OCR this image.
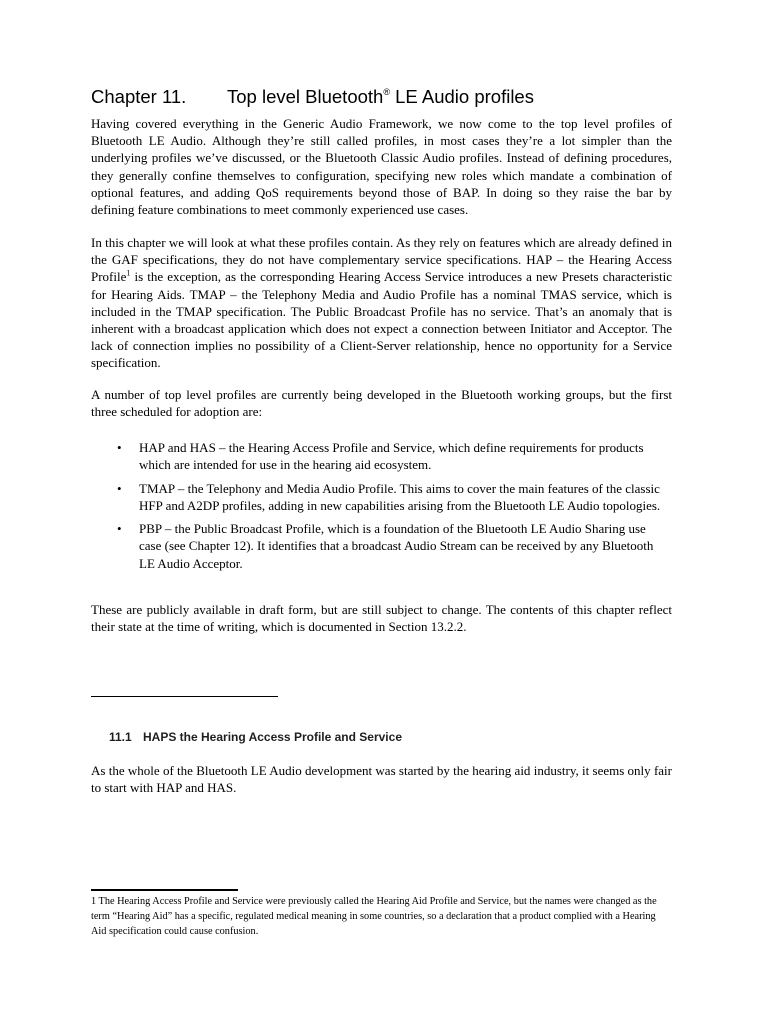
Chapter 11. Top level Bluetooth® LE Audio profiles

Having covered everything in the Generic Audio Framework, we now come to the top level profiles of Bluetooth LE Audio. Although they’re still called profiles, in most cases they’re a lot simpler than the underlying profiles we’ve discussed, or the Bluetooth Classic Audio profiles. Instead of defining procedures, they generally confine themselves to configuration, specifying new roles which mandate a combination of optional features, and adding QoS requirements beyond those of BAP. In doing so they raise the bar by defining feature combinations to meet commonly experienced use cases.

In this chapter we will look at what these profiles contain. As they rely on features which are already defined in the GAF specifications, they do not have complementary service specifications. HAP – the Hearing Access Profile$^1$ is the exception, as the corresponding Hearing Access Service introduces a new Presets characteristic for Hearing Aids. TMAP – the Telephony Media and Audio Profile has a nominal TMAS service, which is included in the TMAP specification. The Public Broadcast Profile has no service. That’s an anomaly that is inherent with a broadcast application which does not expect a connection between Initiator and Acceptor. The lack of connection implies no possibility of a Client-Server relationship, hence no opportunity for a Service specification.

A number of top level profiles are currently being developed in the Bluetooth working groups, but the first three scheduled for adoption are:

• HAP and HAS – the Hearing Access Profile and Service, which define requirements for products which are intended for use in the hearing aid ecosystem.
• TMAP – the Telephony and Media Audio Profile. This aims to cover the main features of the classic HFP and A2DP profiles, adding in new capabilities arising from the Bluetooth LE Audio topologies.
• PBP – the Public Broadcast Profile, which is a foundation of the Bluetooth LE Audio Sharing use case (see Chapter 12). It identifies that a broadcast Audio Stream can be received by any Bluetooth LE Audio Acceptor.

These are publicly available in draft form, but are still subject to change. The contents of this chapter reflect their state at the time of writing, which is documented in Section 13.2.2.

11.1 HAPS the Hearing Access Profile and Service

As the whole of the Bluetooth LE Audio development was started by the hearing aid industry, it seems only fair to start with HAP and HAS.

1 The Hearing Access Profile and Service were previously called the Hearing Aid Profile and Service, but the names were changed as the term “Hearing Aid” has a specific, regulated medical meaning in some countries, so a declaration that a product complied with a Hearing Aid specification could cause confusion.
